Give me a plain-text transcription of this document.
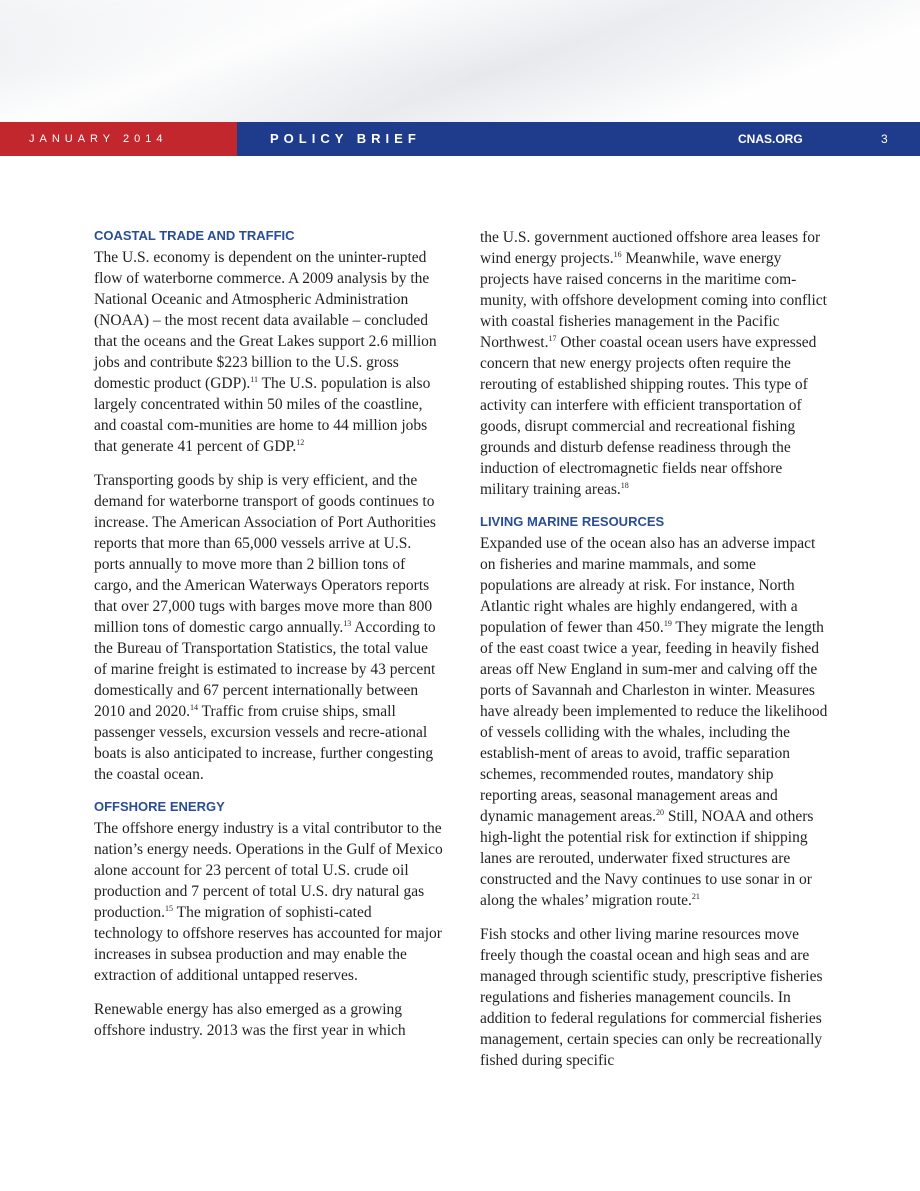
JANUARY 2014	POLICY BRIEF	CNAS.ORG	3
COASTAL TRADE AND TRAFFIC

The U.S. economy is dependent on the uninter-rupted flow of waterborne commerce. A 2009 analysis by the National Oceanic and Atmospheric Administration (NOAA) – the most recent data available – concluded that the oceans and the Great Lakes support 2.6 million jobs and contribute $223 billion to the U.S. gross domestic product (GDP).$^{11}$ The U.S. population is also largely concentrated within 50 miles of the coastline, and coastal com-munities are home to 44 million jobs that generate 41 percent of GDP.$^{12}$

Transporting goods by ship is very efficient, and the demand for waterborne transport of goods continues to increase. The American Association of Port Authorities reports that more than 65,000 vessels arrive at U.S. ports annually to move more than 2 billion tons of cargo, and the American Waterways Operators reports that over 27,000 tugs with barges move more than 800 million tons of domestic cargo annually.$^{13}$ According to the Bureau of Transportation Statistics, the total value of marine freight is estimated to increase by 43 percent domestically and 67 percent internationally between 2010 and 2020.14 Traffic from cruise ships, small passenger vessels, excursion vessels and recre-ational boats is also anticipated to increase, further congesting the coastal ocean.

OFFSHORE ENERGY

The offshore energy industry is a vital contributor to the nation’s energy needs. Operations in the Gulf of Mexico alone account for 23 percent of total U.S. crude oil production and 7 percent of total U.S. dry natural gas production.$^{15}$ The migration of sophisti-cated technology to offshore reserves has accounted for major increases in subsea production and may enable the extraction of additional untapped reserves.

Renewable energy has also emerged as a growing offshore industry. 2013 was the first year in which

the U.S. government auctioned offshore area leases for wind energy projects.$^{16}$ Meanwhile, wave energy projects have raised concerns in the maritime com-munity, with offshore development coming into conflict with coastal fisheries management in the Pacific Northwest.$^{17}$ Other coastal ocean users have expressed concern that new energy projects often require the rerouting of established shipping routes. This type of activity can interfere with efficient transportation of goods, disrupt commercial and recreational fishing grounds and disturb defense readiness through the induction of electromagnetic fields near offshore military training areas.$^{18}$

LIVING MARINE RESOURCES

Expanded use of the ocean also has an adverse impact on fisheries and marine mammals, and some populations are already at risk. For instance, North Atlantic right whales are highly endangered, with a population of fewer than 450.19 They migrate the length of the east coast twice a year, feeding in heavily fished areas off New England in sum-mer and calving off the ports of Savannah and Charleston in winter. Measures have already been implemented to reduce the likelihood of vessels colliding with the whales, including the establish-ment of areas to avoid, traffic separation schemes, recommended routes, mandatory ship reporting areas, seasonal management areas and dynamic management areas.$^{20}$ Still, NOAA and others high-light the potential risk for extinction if shipping lanes are rerouted, underwater fixed structures are constructed and the Navy continues to use sonar in or along the whales’ migration route.$^{21}$

Fish stocks and other living marine resources move freely though the coastal ocean and high seas and are managed through scientific study, prescriptive fisheries regulations and fisheries management councils. In addition to federal regulations for commercial fisheries management, certain species can only be recreationally fished during specific
